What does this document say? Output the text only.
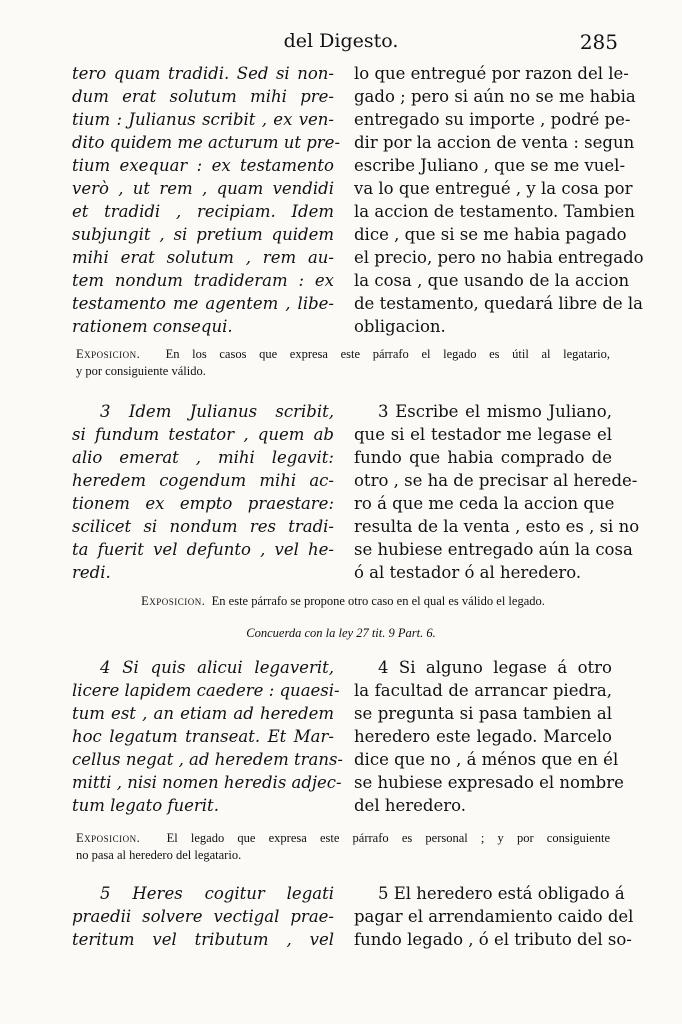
del Digesto.	285
tero quam tradidi. Sed si non-
dum erat solutum mihi pre-
tium : Julianus scribit , ex ven-
dito quidem me acturum ut pre-
tium exequar : ex testamento
verò , ut rem , quam vendidi
et tradidi , recipiam. Idem
subjungit , si pretium quidem
mihi erat solutum , rem au-
tem nondum tradideram : ex
testamento me agentem , libe-
rationem consequi.
lo que entregué por razon del le-
gado ; pero si aún no se me habia
entregado su importe , podré pe-
dir por la accion de venta : segun
escribe Juliano , que se me vuel-
va lo que entregué , y la cosa por
la accion de testamento. Tambien
dice , que si se me habia pagado
el precio, pero no habia entregado
la cosa , que usando de la accion
de testamento, quedará libre de la
obligacion.
Exposicion. En los casos que expresa este párrafo el legado es útil al legatario,
y por consiguiente válido.
3 Idem Julianus scribit,
si fundum testator , quem ab
alio emerat , mihi legavit:
heredem cogendum mihi ac-
tionem ex empto praestare:
scilicet si nondum res tradi-
ta fuerit vel defunto , vel he-
redi.
3 Escribe el mismo Juliano,
que si el testador me legase el
fundo que habia comprado de
otro , se ha de precisar al herede-
ro á que me ceda la accion que
resulta de la venta , esto es , si no
se hubiese entregado aún la cosa
ó al testador ó al heredero.
Exposicion. En este párrafo se propone otro caso en el qual es válido el legado.
Concuerda con la ley 27 tit. 9 Part. 6.
4 Si quis alicui legaverit,
licere lapidem caedere : quaesi-
tum est , an etiam ad heredem
hoc legatum transeat. Et Mar-
cellus negat , ad heredem trans-
mitti , nisi nomen heredis adjec-
tum legato fuerit.
4 Si alguno legase á otro
la facultad de arrancar piedra,
se pregunta si pasa tambien al
heredero este legado. Marcelo
dice que no , á ménos que en él
se hubiese expresado el nombre
del heredero.
Exposicion. El legado que expresa este párrafo es personal ; y por consiguiente
no pasa al heredero del legatario.
5 Heres cogitur legati
praedii solvere vectigal prae-
teritum vel tributum , vel
5 El heredero está obligado á
pagar el arrendamiento caido del
fundo legado , ó el tributo del so-
